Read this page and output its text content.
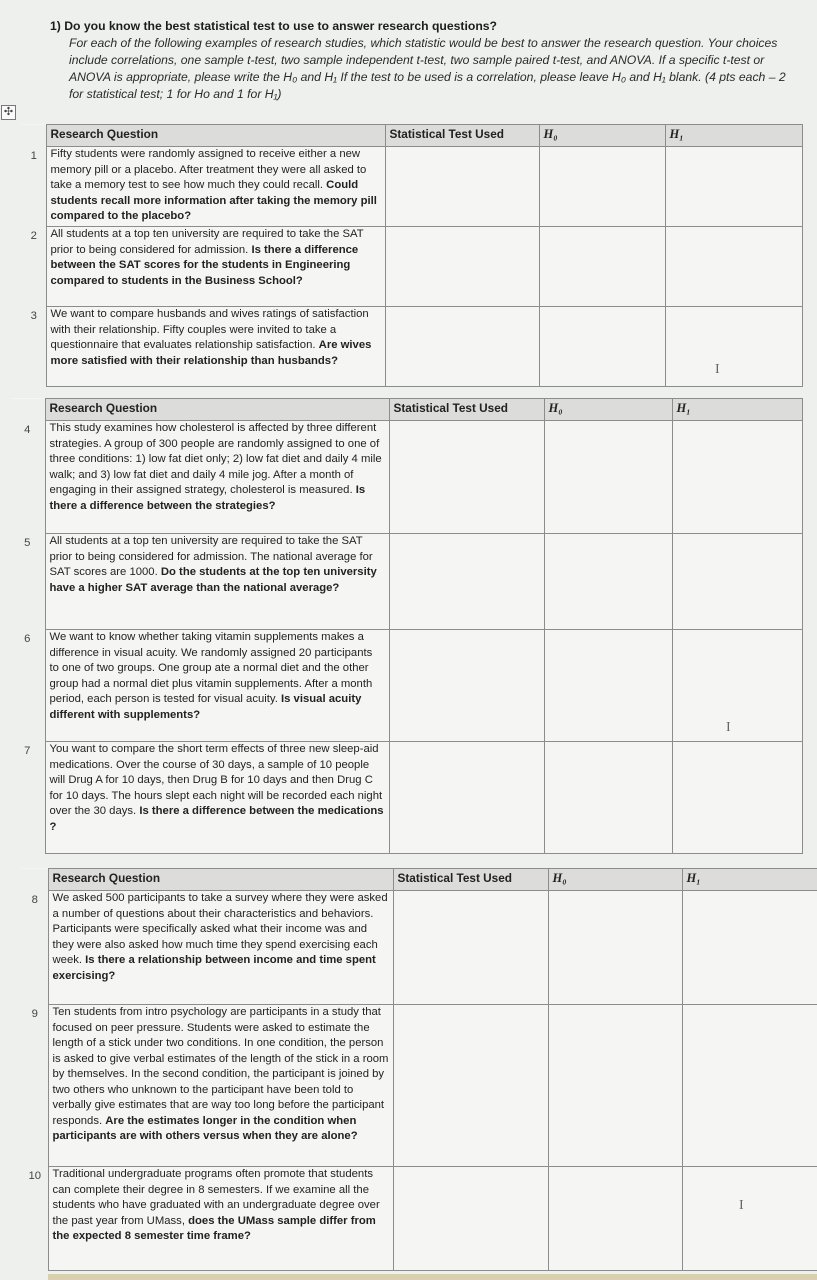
1) Do you know the best statistical test to use to answer research questions?
For each of the following examples of research studies, which statistic would be best to answer the research question. Your choices include correlations, one sample t-test, two sample independent t-test, two sample paired t-test, and ANOVA. If a specific t-test or ANOVA is appropriate, please write the H₀ and H₁ If the test to be used is a correlation, please leave H₀ and H₁ blank. (4 pts each – 2 for statistical test; 1 for Ho and 1 for H₁)
✣
	Research Question	Statistical Test Used	H₀	H₁
1	Fifty students were randomly assigned to receive either a new memory pill or a placebo. After treatment they were all asked to take a memory test to see how much they could recall. Could students recall more information after taking the memory pill compared to the placebo?			
2	All students at a top ten university are required to take the SAT prior to being considered for admission. Is there a difference between the SAT scores for the students in Engineering compared to students in the Business School?			
3	We want to compare husbands and wives ratings of satisfaction with their relationship. Fifty couples were invited to take a questionnaire that evaluates relationship satisfaction. Are wives more satisfied with their relationship than husbands?			
	Research Question	Statistical Test Used	H₀	H₁
4	This study examines how cholesterol is affected by three different strategies. A group of 300 people are randomly assigned to one of three conditions: 1) low fat diet only; 2) low fat diet and daily 4 mile walk; and 3) low fat diet and daily 4 mile jog. After a month of engaging in their assigned strategy, cholesterol is measured. Is there a difference between the strategies?			
5	All students at a top ten university are required to take the SAT prior to being considered for admission. The national average for SAT scores are 1000. Do the students at the top ten university have a higher SAT average than the national average?			
6	We want to know whether taking vitamin supplements makes a difference in visual acuity. We randomly assigned 20 participants to one of two groups. One group ate a normal diet and the other group had a normal diet plus vitamin supplements. After a month period, each person is tested for visual acuity. Is visual acuity different with supplements?			
7	You want to compare the short term effects of three new sleep-aid medications. Over the course of 30 days, a sample of 10 people will Drug A for 10 days, then Drug B for 10 days and then Drug C for 10 days. The hours slept each night will be recorded each night over the 30 days. Is there a difference between the medications ?			
	Research Question	Statistical Test Used	H₀	H₁
8	We asked 500 participants to take a survey where they were asked a number of questions about their characteristics and behaviors. Participants were specifically asked what their income was and they were also asked how much time they spend exercising each week. Is there a relationship between income and time spent exercising?			
9	Ten students from intro psychology are participants in a study that focused on peer pressure. Students were asked to estimate the length of a stick under two conditions. In one condition, the person is asked to give verbal estimates of the length of the stick in a room by themselves. In the second condition, the participant is joined by two others who unknown to the participant have been told to verbally give estimates that are way too long before the participant responds. Are the estimates longer in the condition when participants are with others versus when they are alone?			
10	Traditional undergraduate programs often promote that students can complete their degree in 8 semesters. If we examine all the students who have graduated with an undergraduate degree over the past year from UMass, does the UMass sample differ from the expected 8 semester time frame?			
I
I
I
